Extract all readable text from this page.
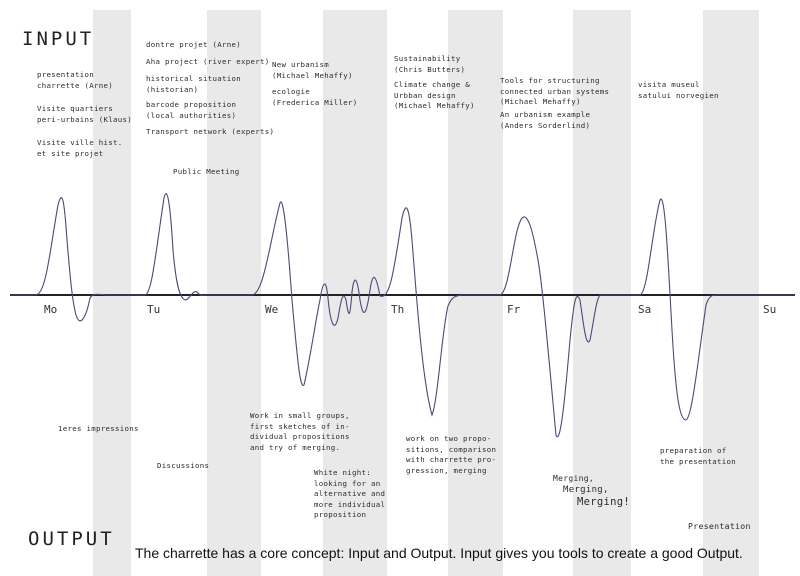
INPUT
OUTPUT
Mo	Tu	We	Th	Fr	Sa	Su
presentation
charrette (Arne)
Visite quartiers
peri-urbains (Klaus)
Visite ville hist.
et site projet
dontre projet (Arne)
Aha project (river expert)
historical situation
(historian)
barcode proposition
(local authorities)
Transport network (experts)
Public Meeting
New urbanism
(Michael Mehaffy)
ecologie
(Frederica Miller)
Sustainability
(Chris Butters)
Climate change &
Urbban design
(Michael Mehaffy)
Tools for structuring
connected urban systems
(Michael Mehaffy)
An urbanism example
(Anders Sorderlind)
visita museul
satului norvegien
1eres impressions
Discussions
Work in small groups,
first sketches of in-
dividual propositions
and try of merging.
White night:
looking for an
alternative and
more individual
proposition
work on two propo-
sitions, comparison
with charrette pro-
gression, merging
Merging,
Merging,
Merging!
preparation of
the presentation
Presentation
The charrette has a core concept: Input and Output. Input gives you tools to create a good Output.
